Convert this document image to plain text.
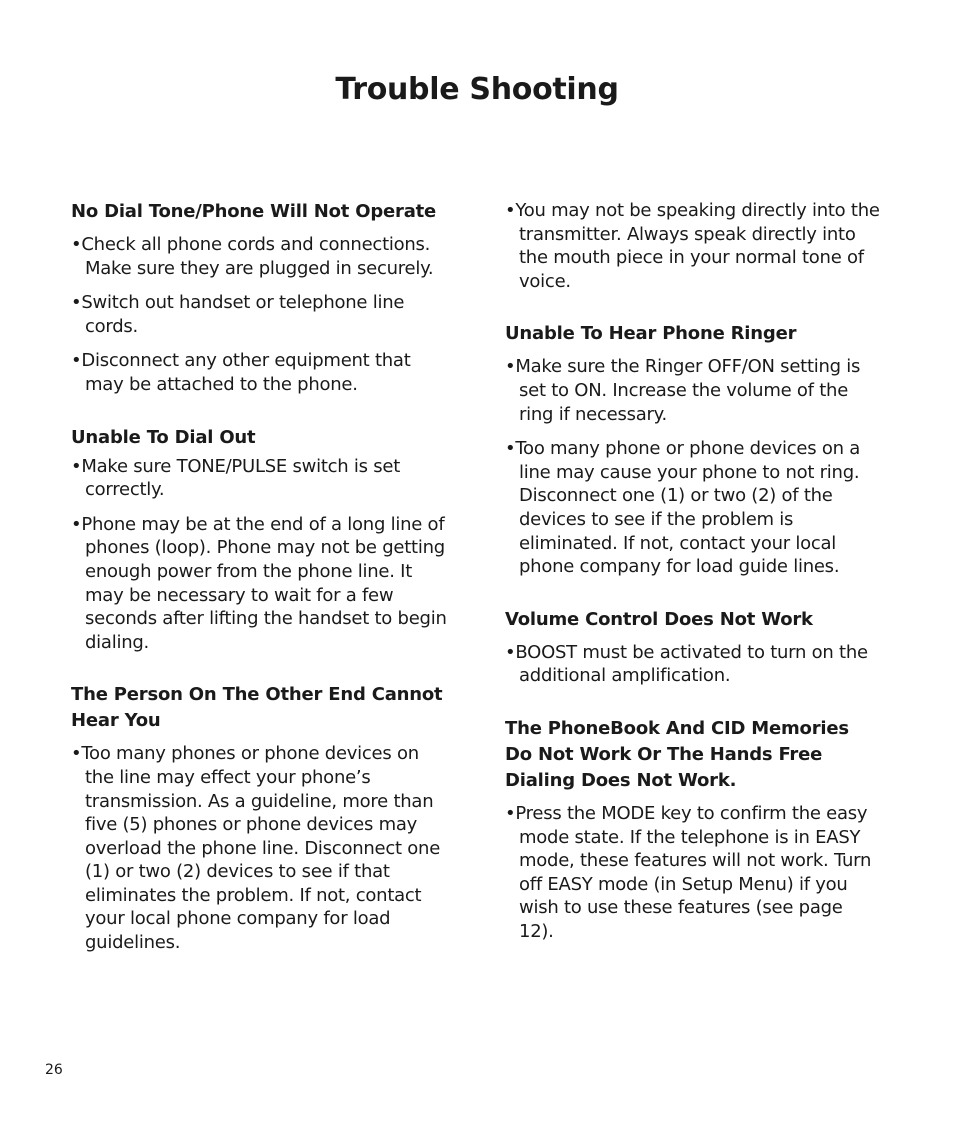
Trouble Shooting

No Dial Tone/Phone Will Not Operate

•Check all phone cords and connections. Make sure they are plugged in securely.

•Switch out handset or telephone line cords.

•Disconnect any other equipment that may be attached to the phone.

Unable To Dial Out

•Make sure TONE/PULSE switch is set correctly.

•Phone may be at the end of a long line of phones (loop). Phone may not be getting enough power from the phone line. It may be necessary to wait for a few seconds after lifting the handset to begin dialing.

The Person On The Other End Cannot Hear You

•Too many phones or phone devices on the line may effect your phone’s transmission. As a guideline, more than five (5) phones or phone devices may overload the phone line. Disconnect one (1) or two (2) devices to see if that eliminates the problem. If not, contact your local phone company for load guidelines.

•You may not be speaking directly into the transmitter. Always speak directly into the mouth piece in your normal tone of voice.

Unable To Hear Phone Ringer

•Make sure the Ringer OFF/ON setting is set to ON. Increase the volume of the ring if necessary.

•Too many phone or phone devices on a line may cause your phone to not ring. Disconnect one (1) or two (2) of the devices to see if the problem is eliminated. If not, contact your local phone company for load guide lines.

Volume Control Does Not Work

•BOOST must be activated to turn on the additional amplification.

The PhoneBook And CID Memories Do Not Work Or The Hands Free Dialing Does Not Work.

•Press the MODE key to confirm the easy mode state. If the telephone is in EASY mode, these features will not work. Turn off EASY mode (in Setup Menu) if you wish to use these features (see page 12).

26
